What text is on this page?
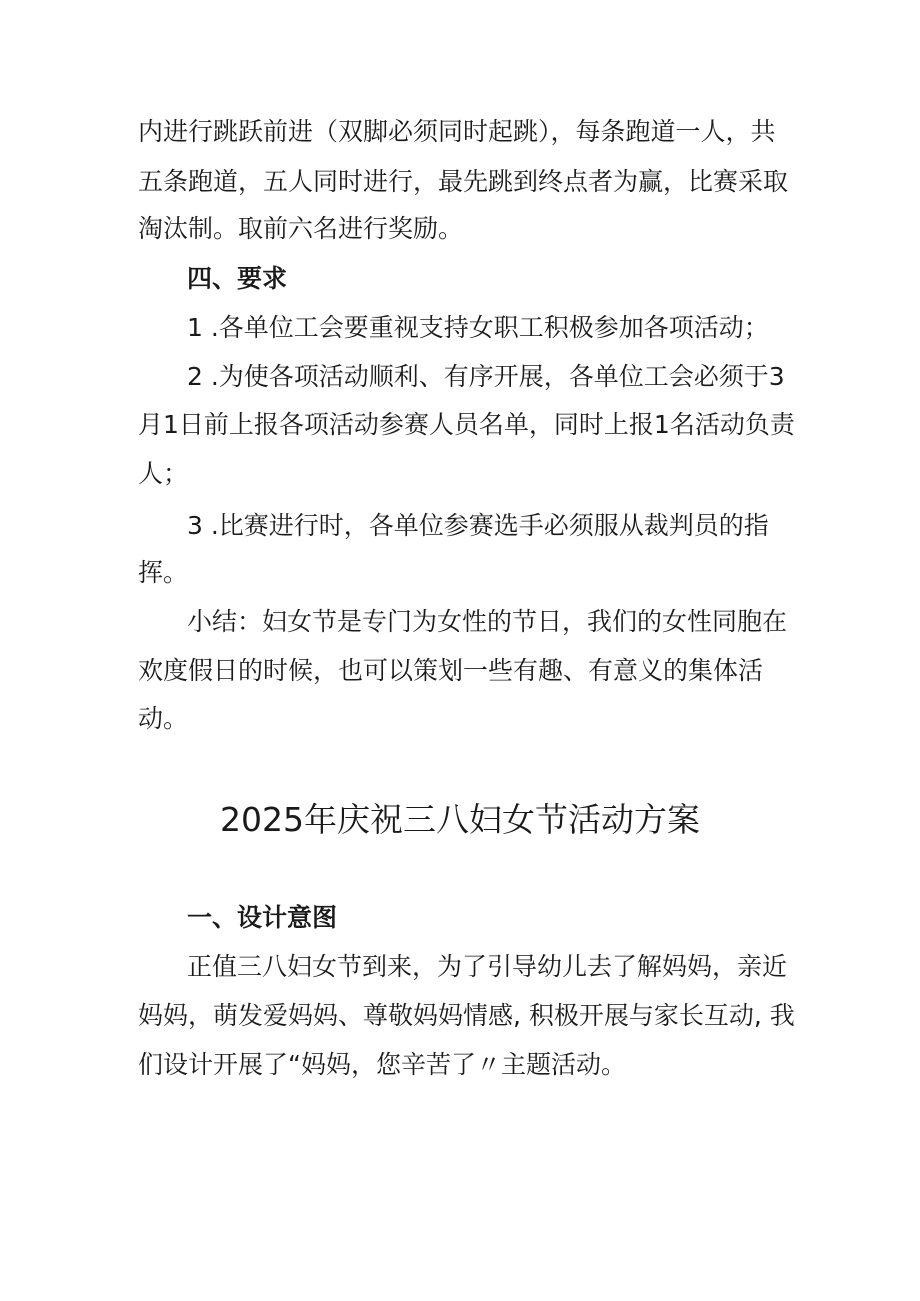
内进行跳跃前进（双脚必须同时起跳），每条跑道一人，共

五条跑道，五人同时进行，最先跳到终点者为赢，比赛采取

淘汰制。取前六名进行奖励。

四、要求

1 .各单位工会要重视支持女职工积极参加各项活动；

2 .为使各项活动顺利、有序开展，各单位工会必须于3

月1日前上报各项活动参赛人员名单，同时上报1名活动负责

人；

3 .比赛进行时，各单位参赛选手必须服从裁判员的指

挥。

小结：妇女节是专门为女性的节日，我们的女性同胞在

欢度假日的时候，也可以策划一些有趣、有意义的集体活

动。

2025年庆祝三八妇女节活动方案

一、设计意图

正值三八妇女节到来，为了引导幼儿去了解妈妈，亲近

妈妈，萌发爱妈妈、尊敬妈妈情感, 积极开展与家长互动, 我

们设计开展了“妈妈，您辛苦了〃主题活动。
